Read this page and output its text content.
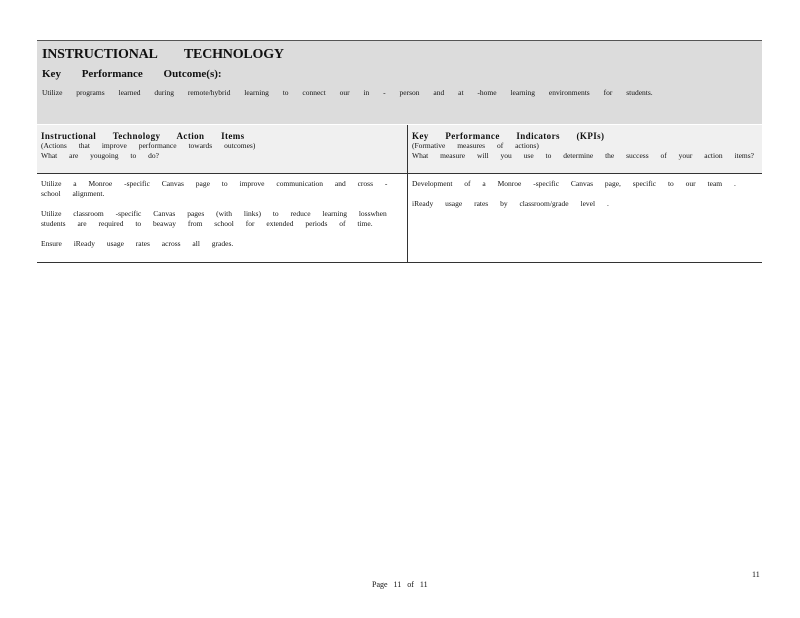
INSTRUCTIONAL TECHNOLOGY
Key Performance Outcome(s):
Utilize programs learned during remote/hybrid learning to connect our in - person and at -home learning environments for students.
Instructional Technology Action Items
(Actions that improve performance towards outcomes)
What are yougoing to do?
Key Performance Indicators (KPIs)
(Formative measures of actions)
What measure will you use to determine the success of your action items?
Utilize a Monroe -specific Canvas page to improve communication and cross - school alignment.
Utilize classroom -specific Canvas pages (with links) to reduce learning losswhen students are required to beaway from school for extended periods of time.
Ensure iReady usage rates across all grades.
Development of a Monroe -specific Canvas page, specific to our team .
iReady usage rates by classroom/grade level .
11
Page 11 of 11
